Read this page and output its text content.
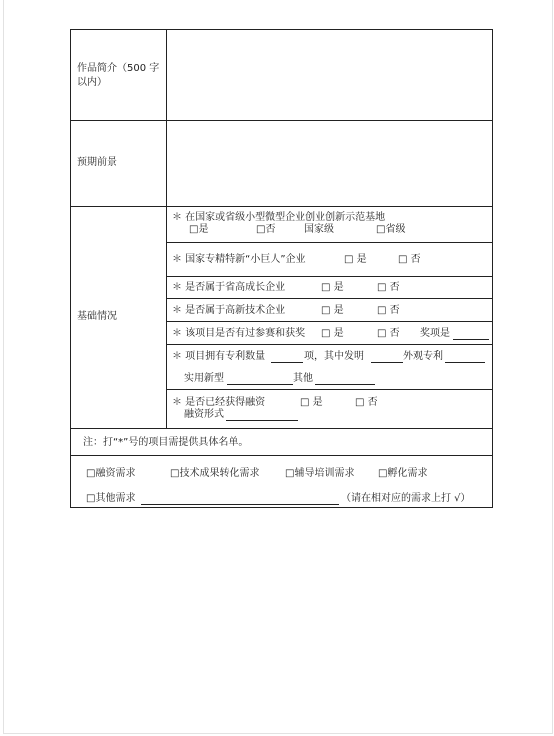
作品简介（500 字以内）
预期前景
基础情况
＊ 在国家或省级小型微型企业创业创新示范基地
□是	□否	国家级	□省级
＊ 国家专精特新“小巨人”企业	□ 是	□ 否
＊ 是否属于省高成长企业	□ 是	□ 否
＊ 是否属于高新技术企业	□ 是	□ 否
＊ 该项目是否有过参赛和获奖 □ 是	□ 否 奖项是
＊ 项目拥有专利数量	项，其中发明	外观专利
实用新型	其他
＊ 是否已经获得融资	□ 是	□ 否
融资形式
注：打“*”号的项目需提供具体名单。
□融资需求	□技术成果转化需求	□辅导培训需求 □孵化需求
□其他需求	（请在相对应的需求上打 √）
